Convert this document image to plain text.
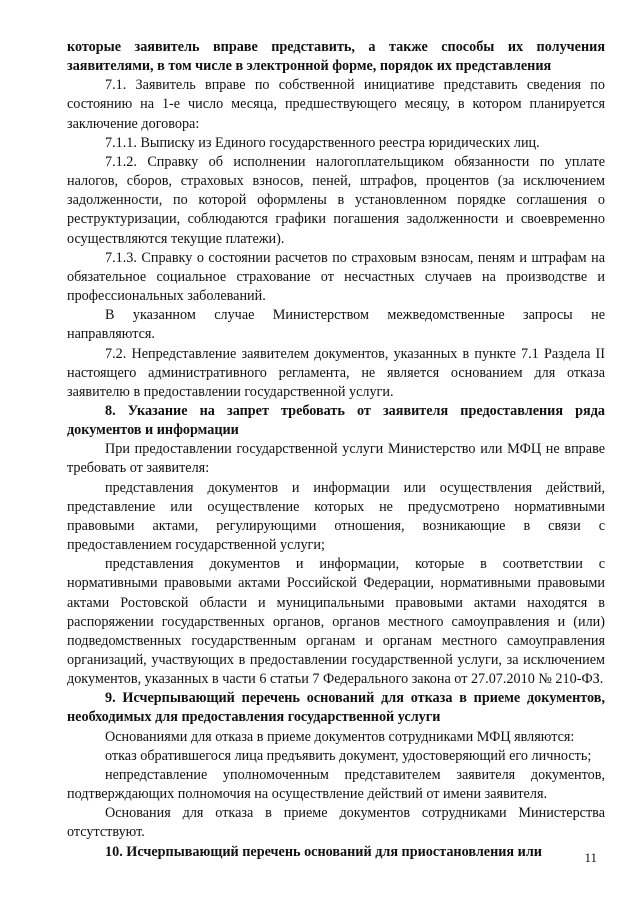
которые заявитель вправе представить, а также способы их получения заявителями, в том числе в электронной форме, порядок их представления

7.1. Заявитель вправе по собственной инициативе представить сведения по состоянию на 1-е число месяца, предшествующего месяцу, в котором планируется заключение договора:

7.1.1. Выписку из Единого государственного реестра юридических лиц.

7.1.2. Справку об исполнении налогоплательщиком обязанности по уплате налогов, сборов, страховых взносов, пеней, штрафов, процентов (за исключением задолженности, по которой оформлены в установленном порядке соглашения о реструктуризации, соблюдаются графики погашения задолженности и своевременно осуществляются текущие платежи).

7.1.3. Справку о состоянии расчетов по страховым взносам, пеням и штрафам на обязательное социальное страхование от несчастных случаев на производстве и профессиональных заболеваний.

В указанном случае Министерством межведомственные запросы не направляются.

7.2. Непредставление заявителем документов, указанных в пункте 7.1 Раздела II настоящего административного регламента, не является основанием для отказа заявителю в предоставлении государственной услуги.

8. Указание на запрет требовать от заявителя предоставления ряда документов и информации

При предоставлении государственной услуги Министерство или МФЦ не вправе требовать от заявителя:

представления документов и информации или осуществления действий, представление или осуществление которых не предусмотрено нормативными правовыми актами, регулирующими отношения, возникающие в связи с предоставлением государственной услуги;

представления документов и информации, которые в соответствии с нормативными правовыми актами Российской Федерации, нормативными правовыми актами Ростовской области и муниципальными правовыми актами находятся в распоряжении государственных органов, органов местного самоуправления и (или) подведомственных государственным органам и органам местного самоуправления организаций, участвующих в предоставлении государственной услуги, за исключением документов, указанных в части 6 статьи 7 Федерального закона от 27.07.2010 № 210-ФЗ.

9. Исчерпывающий перечень оснований для отказа в приеме документов, необходимых для предоставления государственной услуги

Основаниями для отказа в приеме документов сотрудниками МФЦ являются:

отказ обратившегося лица предъявить документ, удостоверяющий его личность;

непредставление уполномоченным представителем заявителя документов, подтверждающих полномочия на осуществление действий от имени заявителя.

Основания для отказа в приеме документов сотрудниками Министерства отсутствуют.

10. Исчерпывающий перечень оснований для приостановления или	11
